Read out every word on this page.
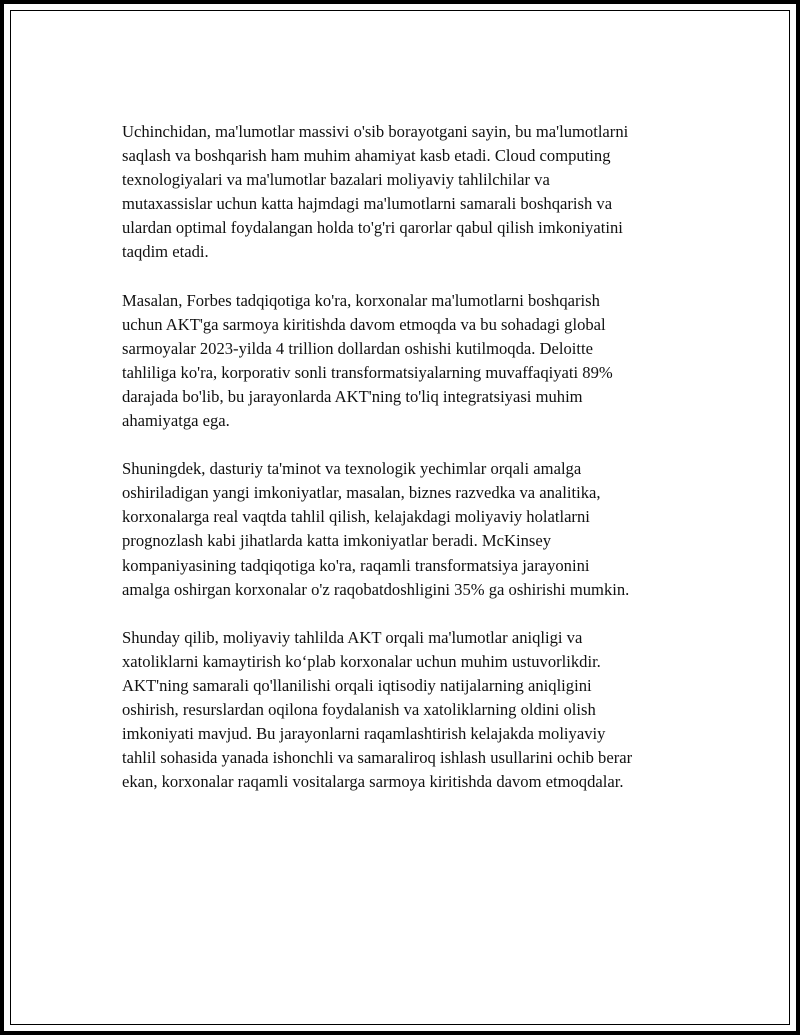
Uchinchidan, ma'lumotlar massivi o'sib borayotgani sayin, bu ma'lumotlarni
saqlash va boshqarish ham muhim ahamiyat kasb etadi. Cloud computing
texnologiyalari va ma'lumotlar bazalari moliyaviy tahlilchilar va
mutaxassislar uchun katta hajmdagi ma'lumotlarni samarali boshqarish va
ulardan optimal foydalangan holda to'g'ri qarorlar qabul qilish imkoniyatini
taqdim etadi.

Masalan, Forbes tadqiqotiga ko'ra, korxonalar ma'lumotlarni boshqarish
uchun AKT'ga sarmoya kiritishda davom etmoqda va bu sohadagi global
sarmoyalar 2023-yilda 4 trillion dollardan oshishi kutilmoqda. Deloitte
tahliliga ko'ra, korporativ sonli transformatsiyalarning muvaffaqiyati 89%
darajada bo'lib, bu jarayonlarda AKT'ning to'liq integratsiyasi muhim
ahamiyatga ega.

Shuningdek, dasturiy ta'minot va texnologik yechimlar orqali amalga
oshiriladigan yangi imkoniyatlar, masalan, biznes razvedka va analitika,
korxonalarga real vaqtda tahlil qilish, kelajakdagi moliyaviy holatlarni
prognozlash kabi jihatlarda katta imkoniyatlar beradi. McKinsey
kompaniyasining tadqiqotiga ko'ra, raqamli transformatsiya jarayonini
amalga oshirgan korxonalar o'z raqobatdoshligini 35% ga oshirishi mumkin.

Shunday qilib, moliyaviy tahlilda AKT orqali ma'lumotlar aniqligi va
xatoliklarni kamaytirish ko‘plab korxonalar uchun muhim ustuvorlikdir.
AKT'ning samarali qo'llanilishi orqali iqtisodiy natijalarning aniqligini
oshirish, resurslardan oqilona foydalanish va xatoliklarning oldini olish
imkoniyati mavjud. Bu jarayonlarni raqamlashtirish kelajakda moliyaviy
tahlil sohasida yanada ishonchli va samaraliroq ishlash usullarini ochib berar
ekan, korxonalar raqamli vositalarga sarmoya kiritishda davom etmoqdalar.
